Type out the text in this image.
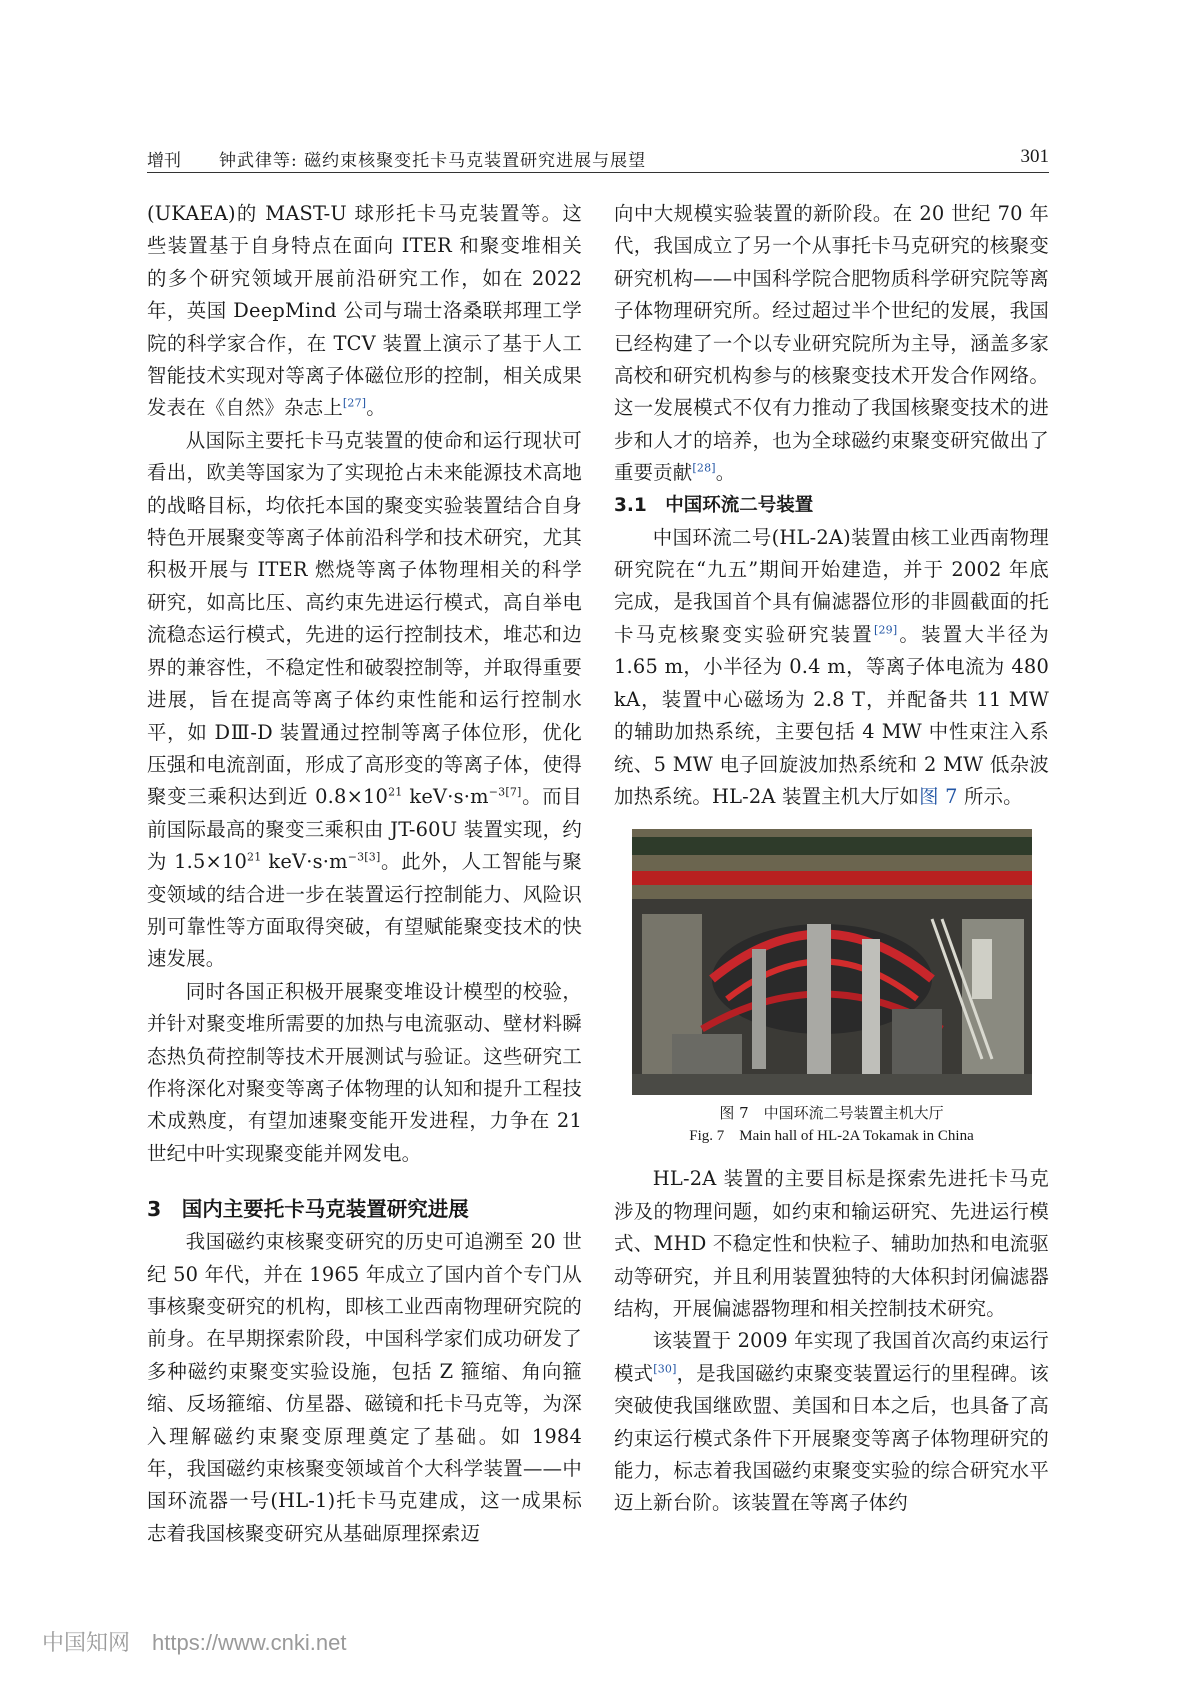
增刊 钟武律等: 磁约束核聚变托卡马克装置研究进展与展望	301

(UKAEA)的 MAST-U 球形托卡马克装置等。这些装置基于自身特点在面向 ITER 和聚变堆相关的多个研究领域开展前沿研究工作，如在 2022 年，英国 DeepMind 公司与瑞士洛桑联邦理工学院的科学家合作，在 TCV 装置上演示了基于人工智能技术实现对等离子体磁位形的控制，相关成果发表在《自然》杂志上[27]。

从国际主要托卡马克装置的使命和运行现状可看出，欧美等国家为了实现抢占未来能源技术高地的战略目标，均依托本国的聚变实验装置结合自身特色开展聚变等离子体前沿科学和技术研究，尤其积极开展与 ITER 燃烧等离子体物理相关的科学研究，如高比压、高约束先进运行模式，高自举电流稳态运行模式，先进的运行控制技术，堆芯和边界的兼容性，不稳定性和破裂控制等，并取得重要进展，旨在提高等离子体约束性能和运行控制水平，如 DⅢ-D 装置通过控制等离子体位形，优化压强和电流剖面，形成了高形变的等离子体，使得聚变三乘积达到近 $0.8\times 10^{21}$ $keV\cdot s\cdot m^{-3[7]}$。而目前国际最高的聚变三乘积由 JT-60U 装置实现，约为 $1.5\times 10^{21}$ $keV\cdot s\cdot m^{-3[3]}$。此外，人工智能与聚变领域的结合进一步在装置运行控制能力、风险识别可靠性等方面取得突破，有望赋能聚变技术的快速发展。

同时各国正积极开展聚变堆设计模型的校验，并针对聚变堆所需要的加热与电流驱动、壁材料瞬态热负荷控制等技术开展测试与验证。这些研究工作将深化对聚变等离子体物理的认知和提升工程技术成熟度，有望加速聚变能开发进程，力争在 21 世纪中叶实现聚变能并网发电。

3　国内主要托卡马克装置研究进展

我国磁约束核聚变研究的历史可追溯至 20 世纪 50 年代，并在 1965 年成立了国内首个专门从事核聚变研究的机构，即核工业西南物理研究院的前身。在早期探索阶段，中国科学家们成功研发了多种磁约束聚变实验设施，包括 Z 箍缩、角向箍缩、反场箍缩、仿星器、磁镜和托卡马克等，为深入理解磁约束聚变原理奠定了基础。如 1984 年，我国磁约束核聚变领域首个大科学装置——中国环流器一号(HL-1)托卡马克建成，这一成果标志着我国核聚变研究从基础原理探索迈

向中大规模实验装置的新阶段。在 20 世纪 70 年代，我国成立了另一个从事托卡马克研究的核聚变研究机构——中国科学院合肥物质科学研究院等离子体物理研究所。经过超过半个世纪的发展，我国已经构建了一个以专业研究院所为主导，涵盖多家高校和研究机构参与的核聚变技术开发合作网络。这一发展模式不仅有力推动了我国核聚变技术的进步和人才的培养，也为全球磁约束聚变研究做出了重要贡献[28]。

3.1　中国环流二号装置

中国环流二号(HL-2A)装置由核工业西南物理研究院在“九五”期间开始建造，并于 2002 年底完成，是我国首个具有偏滤器位形的非圆截面的托卡马克核聚变实验研究装置[29]。装置大半径为 1.65 m，小半径为 0.4 m，等离子体电流为 480 kA，装置中心磁场为 2.8 T，并配备共 11 MW 的辅助加热系统，主要包括 4 MW 中性束注入系统、5 MW 电子回旋波加热系统和 2 MW 低杂波加热系统。HL-2A 装置主机大厅如图 7 所示。

图 7　中国环流二号装置主机大厅
Fig. 7　Main hall of HL-2A Tokamak in China

HL-2A 装置的主要目标是探索先进托卡马克涉及的物理问题，如约束和输运研究、先进运行模式、MHD 不稳定性和快粒子、辅助加热和电流驱动等研究，并且利用装置独特的大体积封闭偏滤器结构，开展偏滤器物理和相关控制技术研究。

该装置于 2009 年实现了我国首次高约束运行模式[30]，是我国磁约束聚变装置运行的里程碑。该突破使我国继欧盟、美国和日本之后，也具备了高约束运行模式条件下开展聚变等离子体物理研究的能力，标志着我国磁约束聚变实验的综合研究水平迈上新台阶。该装置在等离子体约

中国知网 https://www.cnki.net
